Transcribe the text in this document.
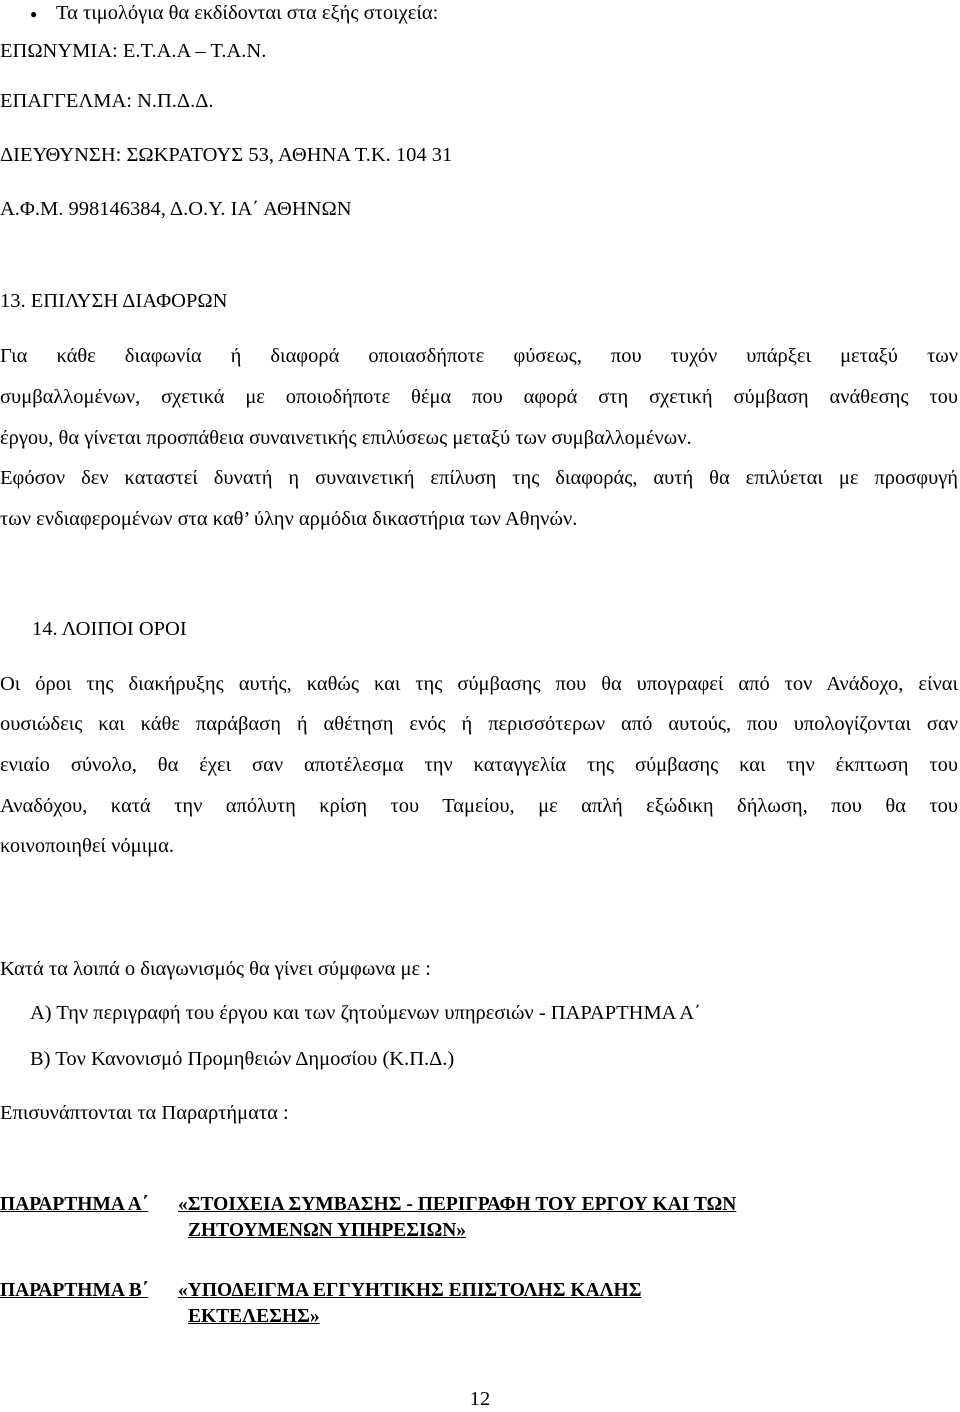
● Τα τιμολόγια θα εκδίδονται στα εξής στοιχεία:
ΕΠΩΝΥΜΙΑ: Ε.Τ.Α.Α – Τ.Α.Ν.
ΕΠΑΓΓΕΛΜΑ: Ν.Π.Δ.Δ.
ΔΙΕΥΘΥΝΣΗ: ΣΩΚΡΑΤΟΥΣ 53, ΑΘΗΝΑ Τ.Κ. 104 31
Α.Φ.Μ. 998146384, Δ.Ο.Υ. ΙΑ΄ ΑΘΗΝΩΝ
13. ΕΠΙΛΥΣΗ ΔΙΑΦΟΡΩΝ
Για κάθε διαφωνία ή διαφορά οποιασδήποτε φύσεως, που τυχόν υπάρξει μεταξύ των
συμβαλλομένων, σχετικά με οποιοδήποτε θέμα που αφορά στη σχετική σύμβαση ανάθεσης του
έργου, θα γίνεται προσπάθεια συναινετικής επιλύσεως μεταξύ των συμβαλλομένων.
Εφόσον δεν καταστεί δυνατή η συναινετική επίλυση της διαφοράς, αυτή θα επιλύεται με προσφυγή
των ενδιαφερομένων στα καθ’ ύλην αρμόδια δικαστήρια των Αθηνών.
14. ΛΟΙΠΟΙ ΟΡΟΙ
Οι όροι της διακήρυξης αυτής, καθώς και της σύμβασης που θα υπογραφεί από τον Ανάδοχο, είναι
ουσιώδεις και κάθε παράβαση ή αθέτηση ενός ή περισσότερων από αυτούς, που υπολογίζονται σαν
ενιαίο σύνολο, θα έχει σαν αποτέλεσμα την καταγγελία της σύμβασης και την έκπτωση του
Αναδόχου, κατά την απόλυτη κρίση του Ταμείου, με απλή εξώδικη δήλωση, που θα του
κοινοποιηθεί νόμιμα.
Κατά τα λοιπά ο διαγωνισμός θα γίνει σύμφωνα με :
Α) Την περιγραφή του έργου και των ζητούμενων υπηρεσιών - ΠΑΡΑΡΤΗΜΑ Α΄
Β) Τον Κανονισμό Προμηθειών Δημοσίου (Κ.Π.Δ.)
Επισυνάπτονται τα Παραρτήματα :
ΠΑΡΑΡΤΗΜΑ Α΄ «ΣΤΟΙΧΕΙΑ ΣΥΜΒΑΣΗΣ - ΠΕΡΙΓΡΑΦΗ ΤΟΥ ΕΡΓΟΥ ΚΑΙ ΤΩΝ
ΖΗΤΟΥΜΕΝΩΝ ΥΠΗΡΕΣΙΩΝ»
ΠΑΡΑΡΤΗΜΑ Β΄ «ΥΠΟΔΕΙΓΜΑ ΕΓΓΥΗΤΙΚΗΣ ΕΠΙΣΤΟΛΗΣ ΚΑΛΗΣ
ΕΚΤΕΛΕΣΗΣ»
12
